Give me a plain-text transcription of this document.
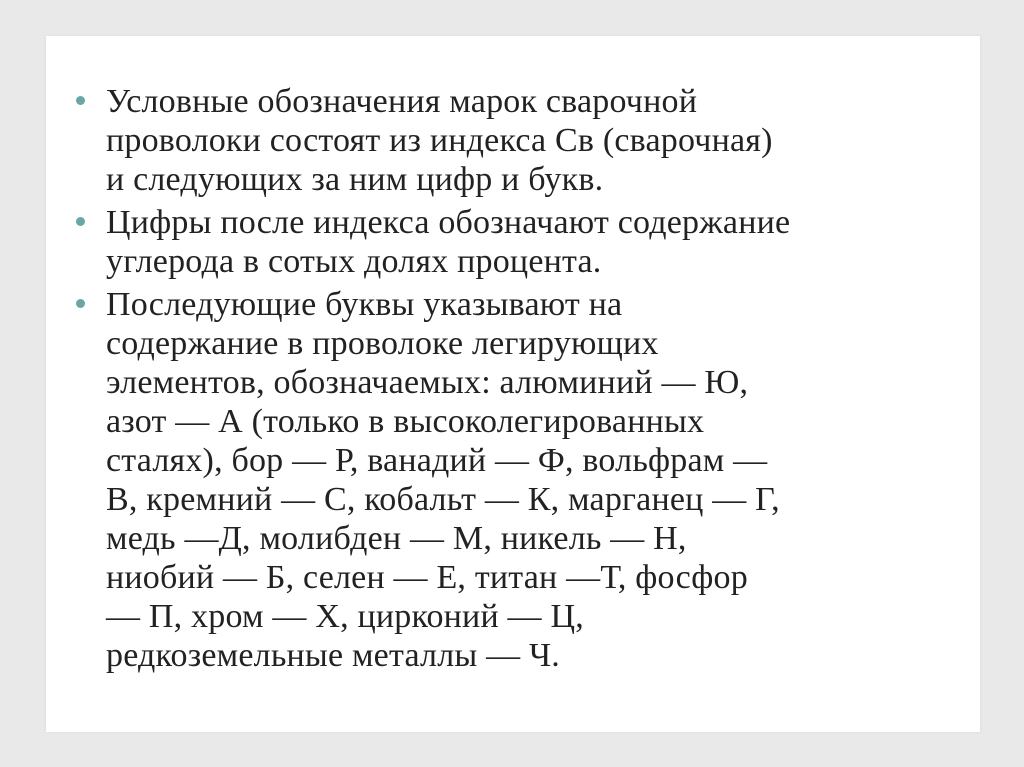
Условные обозначения марок сварочной
проволоки состоят из индекса Св (сварочная)
и следующих за ним цифр и букв.
Цифры после индекса обозначают содержание
углерода в сотых долях процента.
Последующие буквы указывают на
содержание в проволоке легирующих
элементов, обозначаемых: алюминий — Ю,
азот — А (только в высоколегированных
сталях), бор — Р, ванадий — Ф, вольфрам —
В, кремний — С, кобальт — К, марганец — Г,
медь —Д, молибден — М, никель — Н,
ниобий — Б, селен — Е, титан —Т, фосфор
— П, хром — X, цирконий — Ц,
редкоземельные металлы — Ч.
